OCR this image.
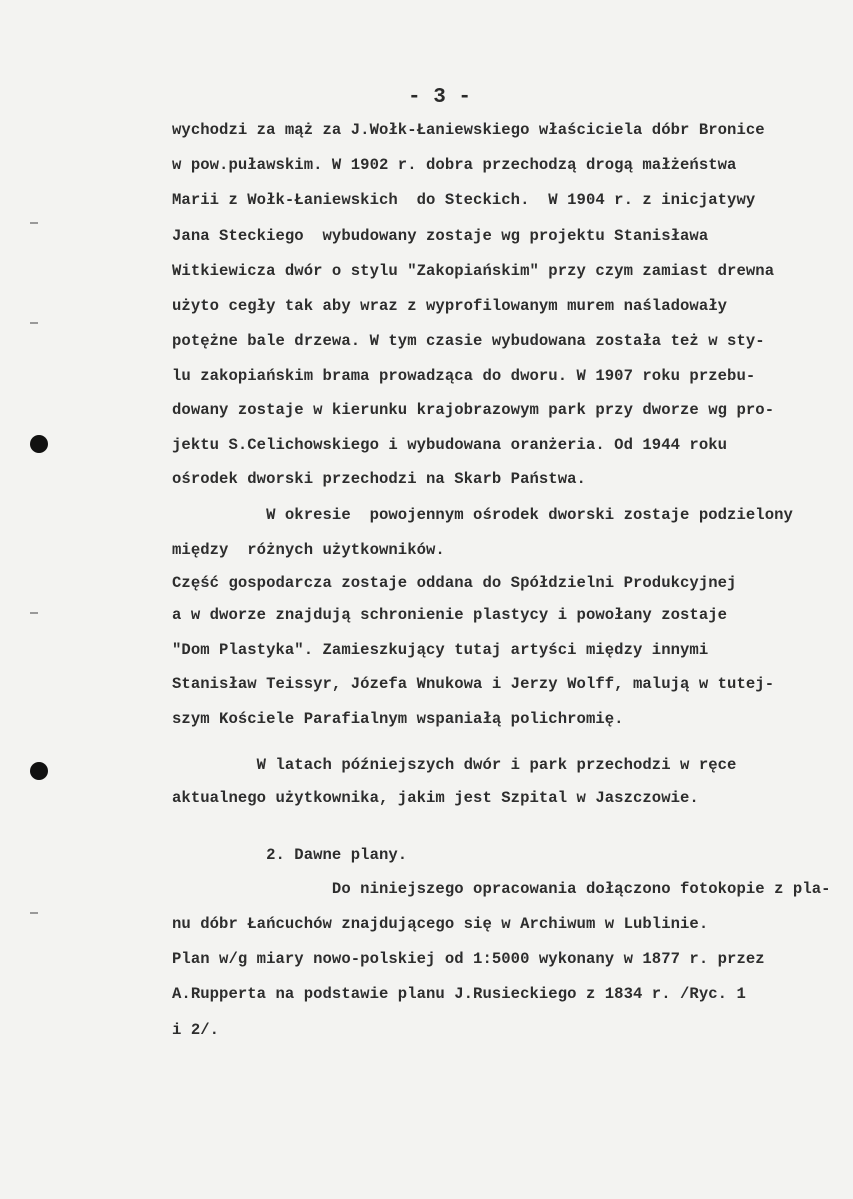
- 3 -
wychodzi za mąż za J.Wołk-Łaniewskiego właściciela dóbr Bronice
w pow.puławskim. W 1902 r. dobra przechodzą drogą małżeństwa
Marii z Wołk-Łaniewskich  do Steckich.  W 1904 r. z inicjatywy
Jana Steckiego  wybudowany zostaje wg projektu Stanisława
Witkiewicza dwór o stylu "Zakopiańskim" przy czym zamiast drewna
użyto cegły tak aby wraz z wyprofilowanym murem naśladowały
potężne bale drzewa. W tym czasie wybudowana została też w sty-
lu zakopiańskim brama prowadząca do dworu. W 1907 roku przebu-
dowany zostaje w kierunku krajobrazowym park przy dworze wg pro-
jektu S.Celichowskiego i wybudowana oranżeria. Od 1944 roku
ośrodek dworski przechodzi na Skarb Państwa.
W okresie  powojennym ośrodek dworski zostaje podzielony
między  różnych użytkowników.
Część gospodarcza zostaje oddana do Spółdzielni Produkcyjnej
a w dworze znajdują schronienie plastycy i powołany zostaje
"Dom Plastyka". Zamieszkujący tutaj artyści między innymi
Stanisław Teissyr, Józefa Wnukowa i Jerzy Wolff, malują w tutej-
szym Kościele Parafialnym wspaniałą polichromię.
W latach późniejszych dwór i park przechodzi w ręce
aktualnego użytkownika, jakim jest Szpital w Jaszczowie.
2. Dawne plany.
Do niniejszego opracowania dołączono fotokopie z pla-
nu dóbr Łańcuchów znajdującego się w Archiwum w Lublinie.
Plan w/g miary nowo-polskiej od 1:5000 wykonany w 1877 r. przez
A.Rupperta na podstawie planu J.Rusieckiego z 1834 r. /Ryc. 1
i 2/.
